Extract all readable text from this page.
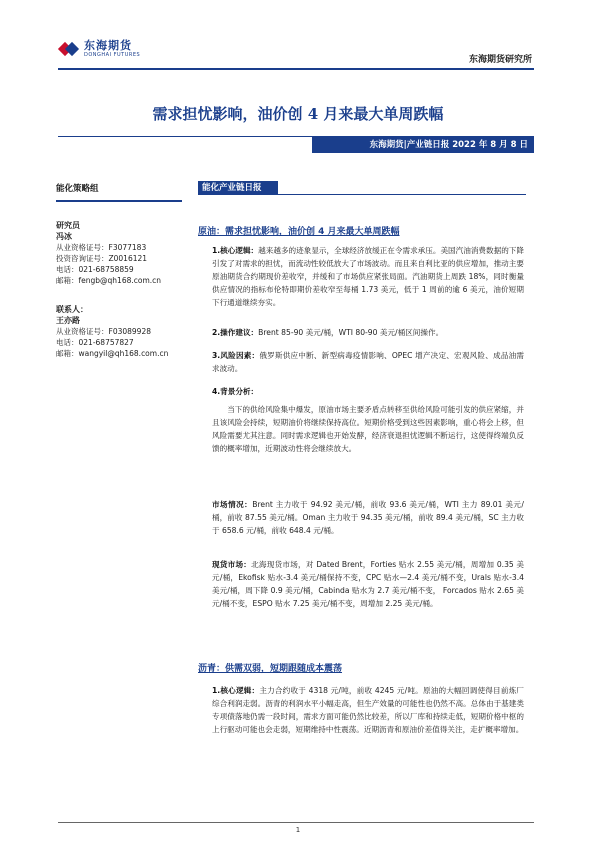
东海期货
DONGHAI FUTURES	东海期货研究所
需求担忧影响，油价创 4 月来最大单周跌幅
东海期货|产业链日报 2022 年 8 月 8 日
能化策略组
研究员
冯冰
从业资格证号：F3077183
投资咨询证号：Z0016121
电话：021-68758859
邮箱：fengb@qh168.com.cn
联系人：
王亦路
从业资格证号：F03089928
电话：021-68757827
邮箱：wangyil@qh168.com.cn
能化产业链日报
原油：需求担忧影响，油价创 4 月来最大单周跌幅
1.核心逻辑：越来越多的迹象显示，全球经济放缓正在令需求承压。美国汽油消费数据的下降引发了对需求的担忧，而流动性较低放大了市场波动。而且来自利比亚的供应增加，推动主要原油期货合约期现价差收窄，并缓和了市场供应紧张局面。汽油期货上周跌 18%，同时衡量供应情况的指标布伦特即期价差收窄至每桶 1.73 美元，低于 1 周前的逾 6 美元，油价短期下行通道继续夯实。
2.操作建议：Brent 85-90 美元/桶，WTI 80-90 美元/桶区间操作。
3.风险因素：俄罗斯供应中断、新型病毒疫情影响、OPEC 增产决定、宏观风险、成品油需求波动。
4.背景分析：
当下的供给风险集中爆发，原油市场主要矛盾点转移至供给风险可能引发的供应紧缩，并且该风险会持续，短期油价将继续保持高位。短期价格受到这些因素影响，重心将会上移，但风险需要尤其注意。同时需求逻辑也开始发酵，经济衰退担忧逻辑不断运行，这使得终端负反馈的概率增加，近期波动性将会继续放大。
市场情况：Brent 主力收于 94.92 美元/桶，前收 93.6 美元/桶，WTI 主力 89.01 美元/桶，前收 87.55 美元/桶。Oman 主力收于 94.35 美元/桶，前收 89.4 美元/桶，SC 主力收于 658.6 元/桶，前收 648.4 元/桶。
现货市场：北海现货市场，对 Dated Brent，Forties 贴水 2.55 美元/桶，周增加 0.35 美元/桶，Ekofisk 贴水-3.4 美元/桶保持不变，CPC 贴水—2.4 美元/桶不变，Urals 贴水-3.4 美元/桶，周下降 0.9 美元/桶，Cabinda 贴水为 2.7 美元/桶不变， Forcados 贴水 2.65 美元/桶不变，ESPO 贴水 7.25 美元/桶不变，周增加 2.25 美元/桶。
沥青：供需双弱，短期跟随成本震荡
1.核心逻辑：主力合约收于 4318 元/吨，前收 4245 元/吨。原油的大幅回调使得目前炼厂综合利润走弱。沥青的利润水平小幅走高，但生产效量的可能性也仍然不高。总体由于基建类专项债落地仍需一段时间，需求方面可能仍然比较差，所以厂库和持续走低，短期价格中枢的上行驱动可能也会走弱，短期维持中性震荡。近期沥青和原油价差值得关注，走扩概率增加。
1
